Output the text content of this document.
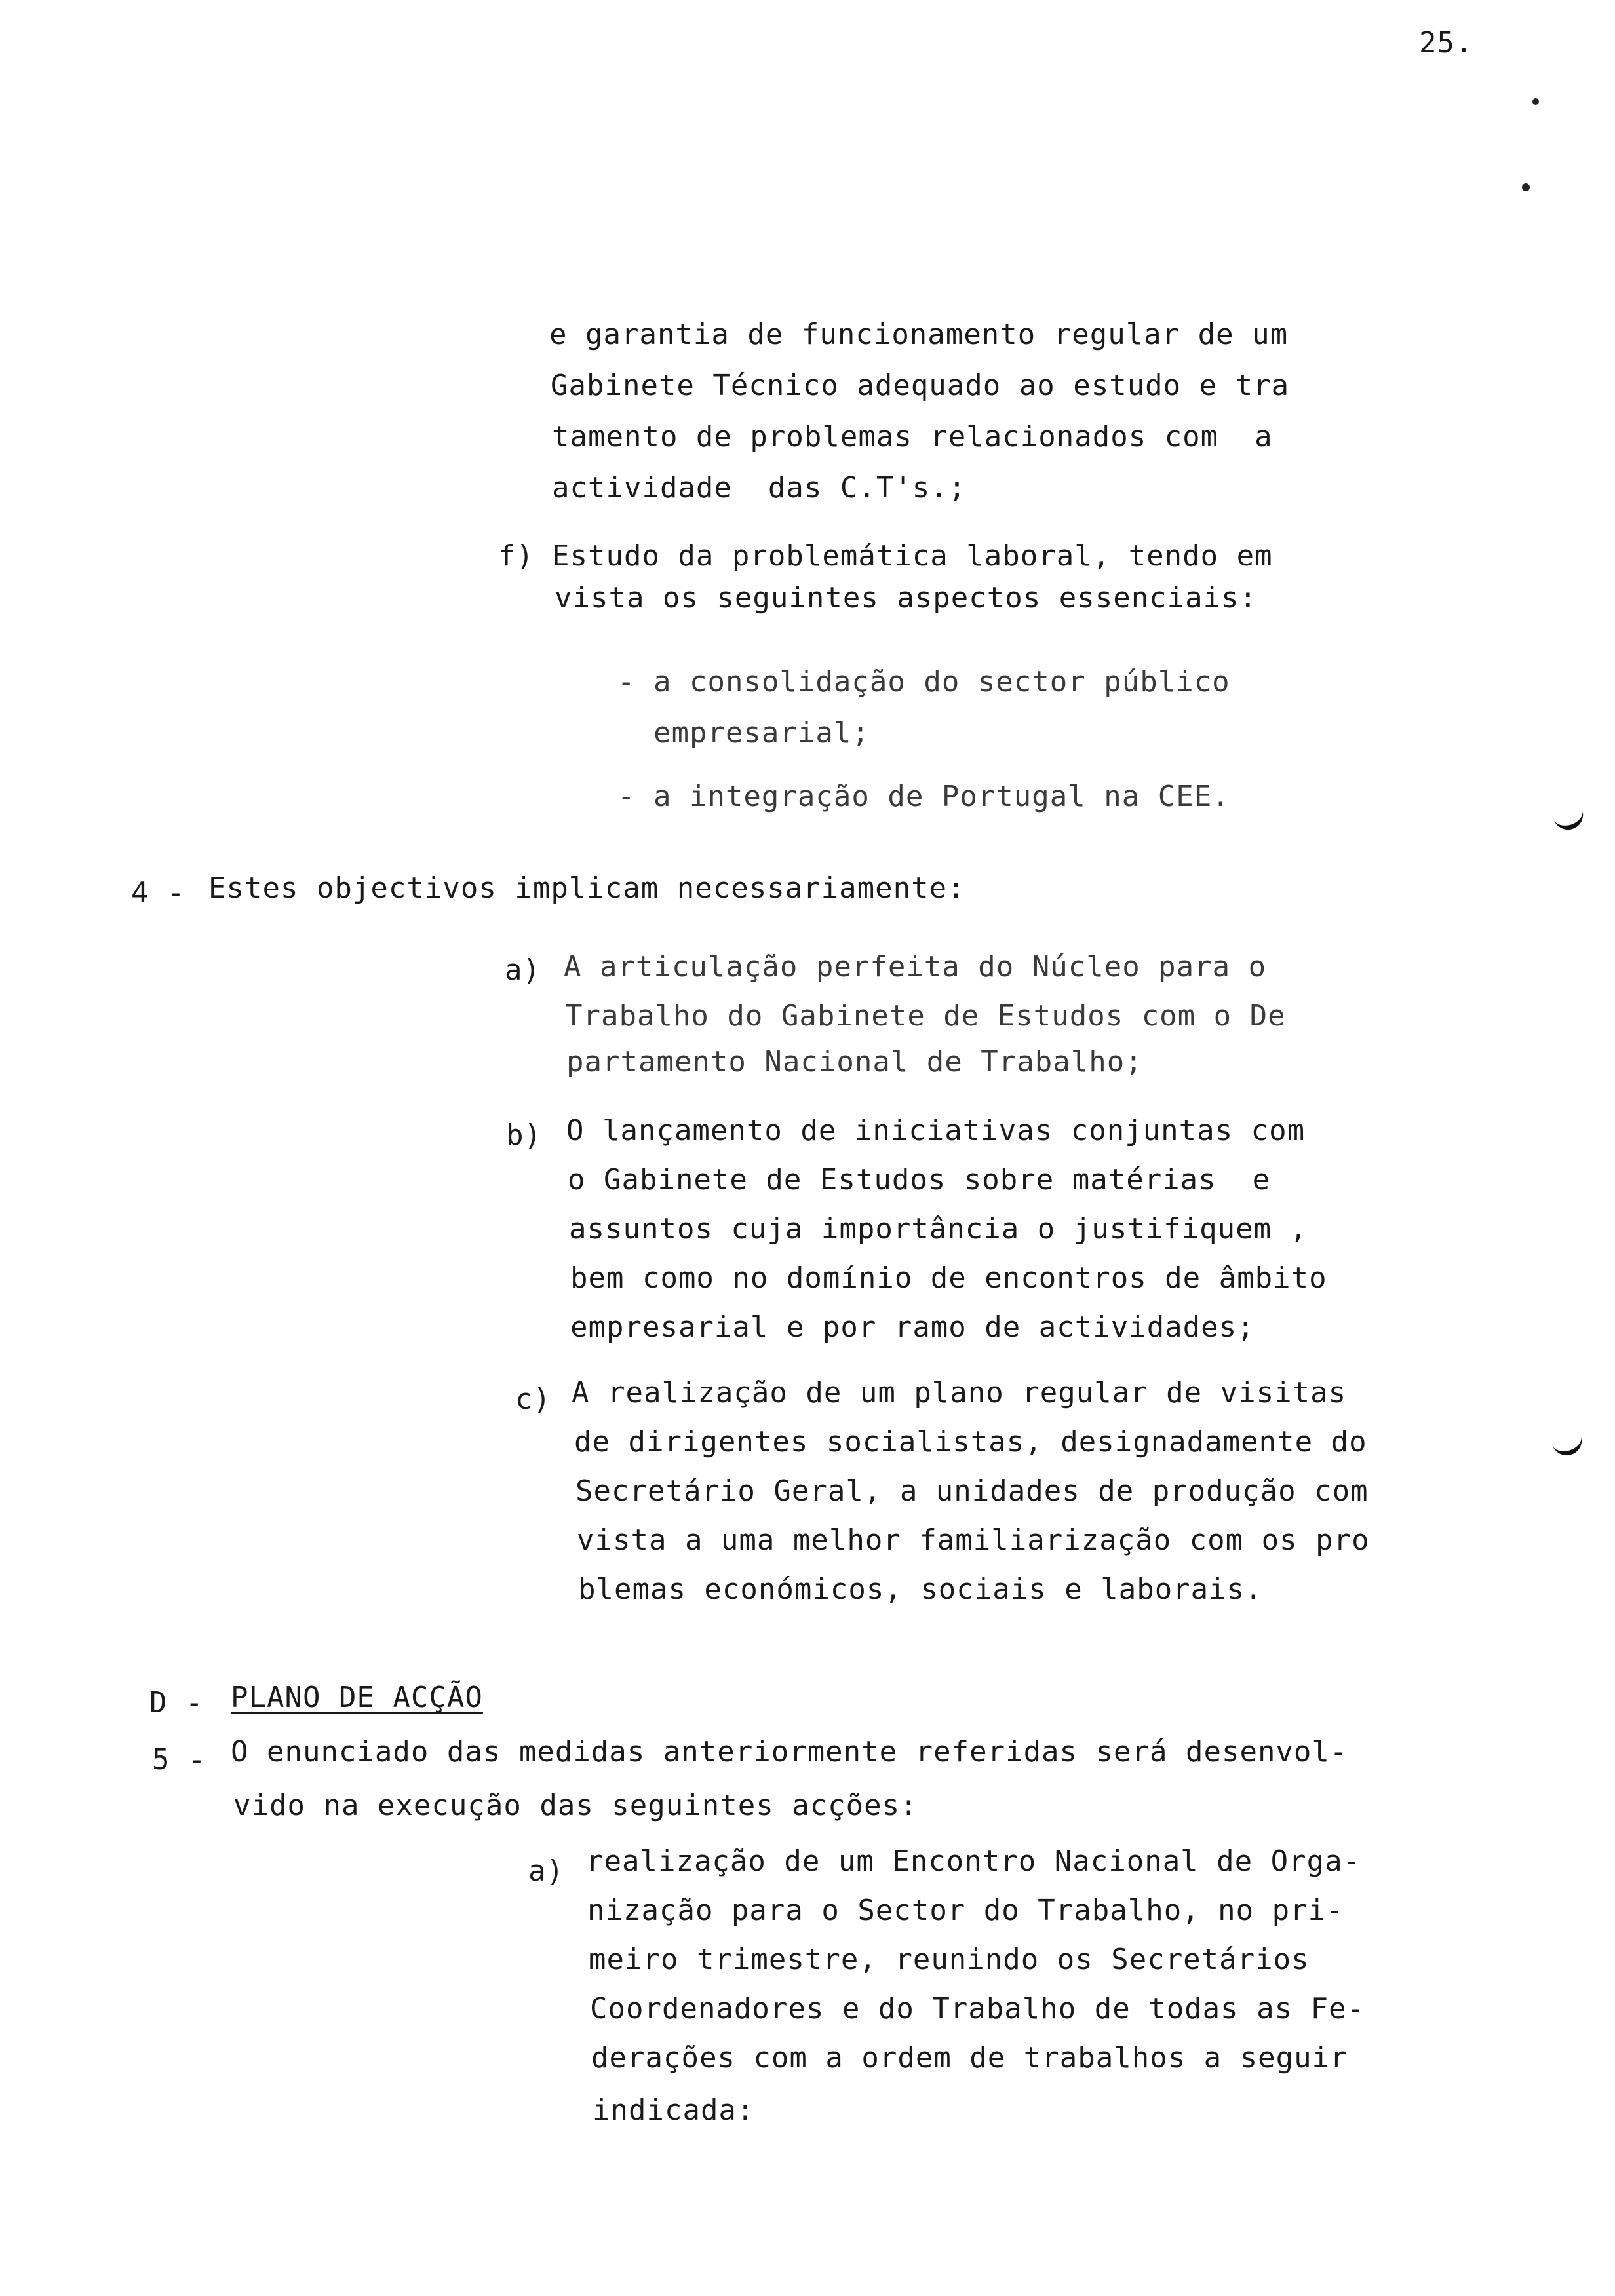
25.
e garantia de funcionamento regular de um
Gabinete Técnico adequado ao estudo e tra
tamento de problemas relacionados com  a
actividade  das C.T's.;
f) Estudo da problemática laboral, tendo em
vista os seguintes aspectos essenciais:
- a consolidação do sector público
empresarial;
- a integração de Portugal na CEE.
4 - Estes objectivos implicam necessariamente:
a) A articulação perfeita do Núcleo para o
Trabalho do Gabinete de Estudos com o De
partamento Nacional de Trabalho;
b) O lançamento de iniciativas conjuntas com
o Gabinete de Estudos sobre matérias  e
assuntos cuja importância o justifiquem ,
bem como no domínio de encontros de âmbito
empresarial e por ramo de actividades;
c) A realização de um plano regular de visitas
de dirigentes socialistas, designadamente do
Secretário Geral, a unidades de produção com
vista a uma melhor familiarização com os pro
blemas económicos, sociais e laborais.
D - PLANO DE ACÇÃO
5 - O enunciado das medidas anteriormente referidas será desenvol-
vido na execução das seguintes acções:
a) realização de um Encontro Nacional de Orga-
nização para o Sector do Trabalho, no pri-
meiro trimestre, reunindo os Secretários
Coordenadores e do Trabalho de todas as Fe-
derações com a ordem de trabalhos a seguir
indicada:
